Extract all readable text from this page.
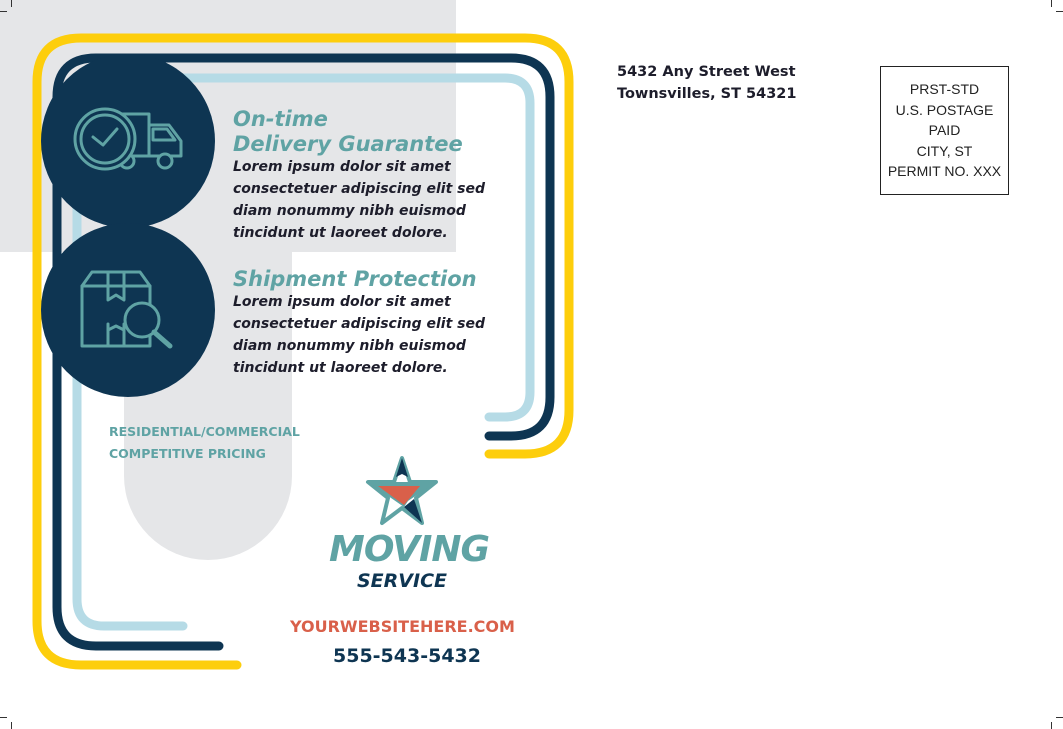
On-time
Delivery Guarantee
Lorem ipsum dolor sit amet
consectetuer adipiscing elit sed
diam nonummy nibh euismod
tincidunt ut laoreet dolore.
Shipment Protection
Lorem ipsum dolor sit amet
consectetuer adipiscing elit sed
diam nonummy nibh euismod
tincidunt ut laoreet dolore.
RESIDENTIAL/COMMERCIAL
COMPETITIVE PRICING
MOVING
SERVICE
YOURWEBSITEHERE.COM
555-543-5432
5432 Any Street West
Townsvilles, ST 54321	PRST-STD
U.S. POSTAGE
PAID
CITY, ST
PERMIT NO. XXX
